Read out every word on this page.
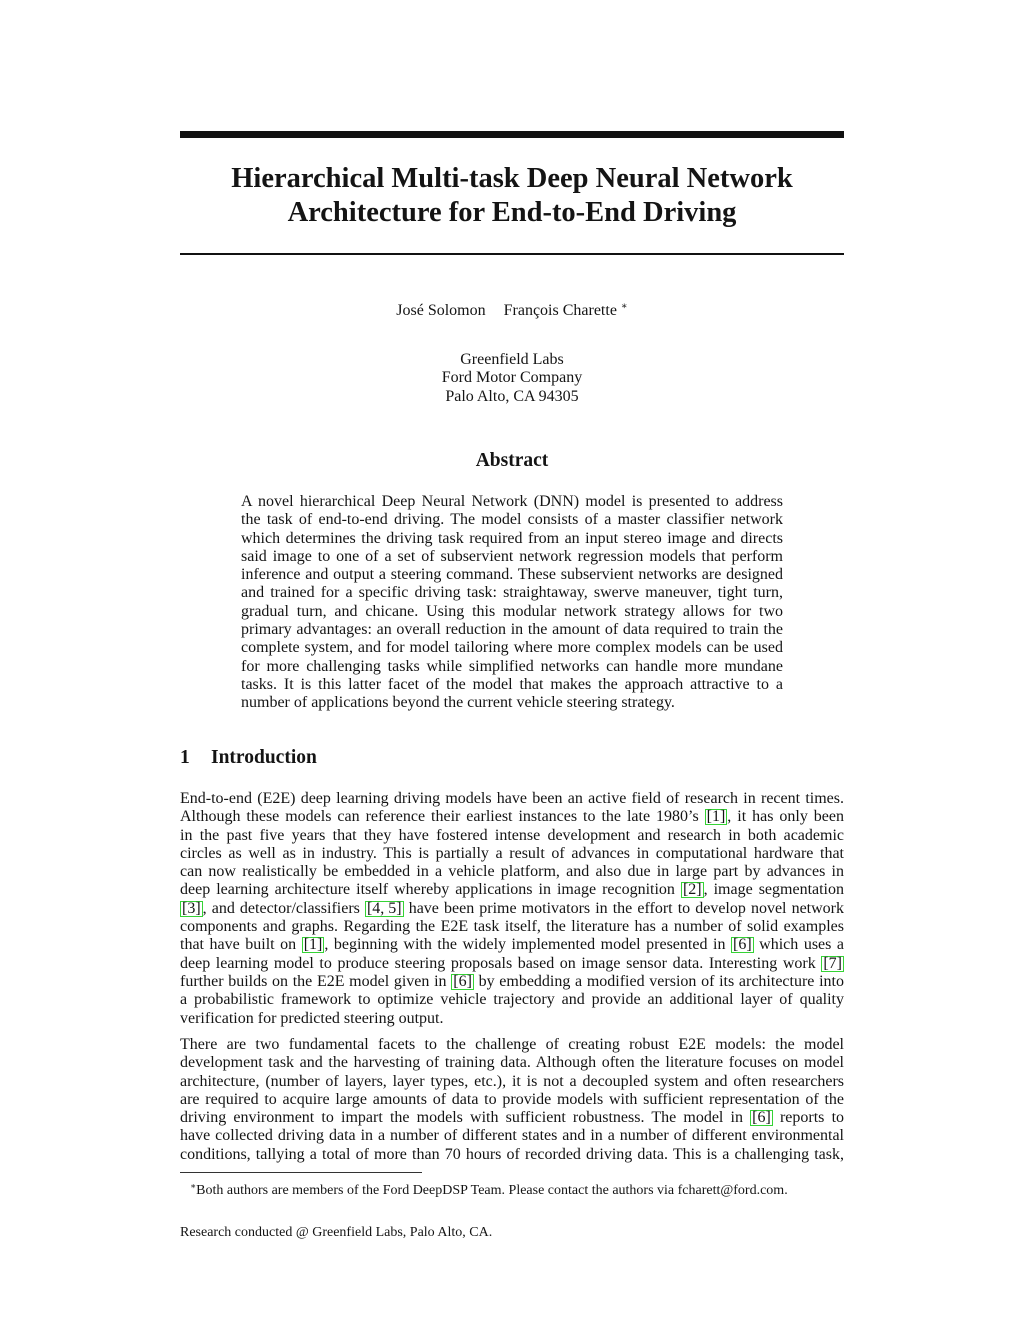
Hierarchical Multi-task Deep Neural Network
Architecture for End-to-End Driving
José Solomon François Charette ∗
Greenfield Labs
Ford Motor Company
Palo Alto, CA 94305
Abstract
A novel hierarchical Deep Neural Network (DNN) model is presented to address
the task of end-to-end driving. The model consists of a master classifier network
which determines the driving task required from an input stereo image and directs
said image to one of a set of subservient network regression models that perform
inference and output a steering command. These subservient networks are designed
and trained for a specific driving task: straightaway, swerve maneuver, tight turn,
gradual turn, and chicane. Using this modular network strategy allows for two
primary advantages: an overall reduction in the amount of data required to train the
complete system, and for model tailoring where more complex models can be used
for more challenging tasks while simplified networks can handle more mundane
tasks. It is this latter facet of the model that makes the approach attractive to a
number of applications beyond the current vehicle steering strategy.
1 Introduction
End-to-end (E2E) deep learning driving models have been an active field of research in recent times.
Although these models can reference their earliest instances to the late 1980’s [1] , it has only been
in the past five years that they have fostered intense development and research in both academic
circles as well as in industry. This is partially a result of advances in computational hardware that
can now realistically be embedded in a vehicle platform, and also due in large part by advances in
deep learning architecture itself whereby applications in image recognition [2] , image segmentation
[3] , and detector/classifiers [4, 5] have been prime motivators in the effort to develop novel network
components and graphs. Regarding the E2E task itself, the literature has a number of solid examples
that have built on [1] , beginning with the widely implemented model presented in [6] which uses a
deep learning model to produce steering proposals based on image sensor data. Interesting work [7]
further builds on the E2E model given in [6] by embedding a modified version of its architecture into
a probabilistic framework to optimize vehicle trajectory and provide an additional layer of quality
verification for predicted steering output.
There are two fundamental facets to the challenge of creating robust E2E models: the model
development task and the harvesting of training data. Although often the literature focuses on model
architecture, (number of layers, layer types, etc.), it is not a decoupled system and often researchers
are required to acquire large amounts of data to provide models with sufficient representation of the
driving environment to impart the models with sufficient robustness. The model in [6] reports to
have collected driving data in a number of different states and in a number of different environmental
conditions, tallying a total of more than 70 hours of recorded driving data. This is a challenging task,
∗Both authors are members of the Ford DeepDSP Team. Please contact the authors via fcharett@ford.com.
Research conducted @ Greenfield Labs, Palo Alto, CA.
